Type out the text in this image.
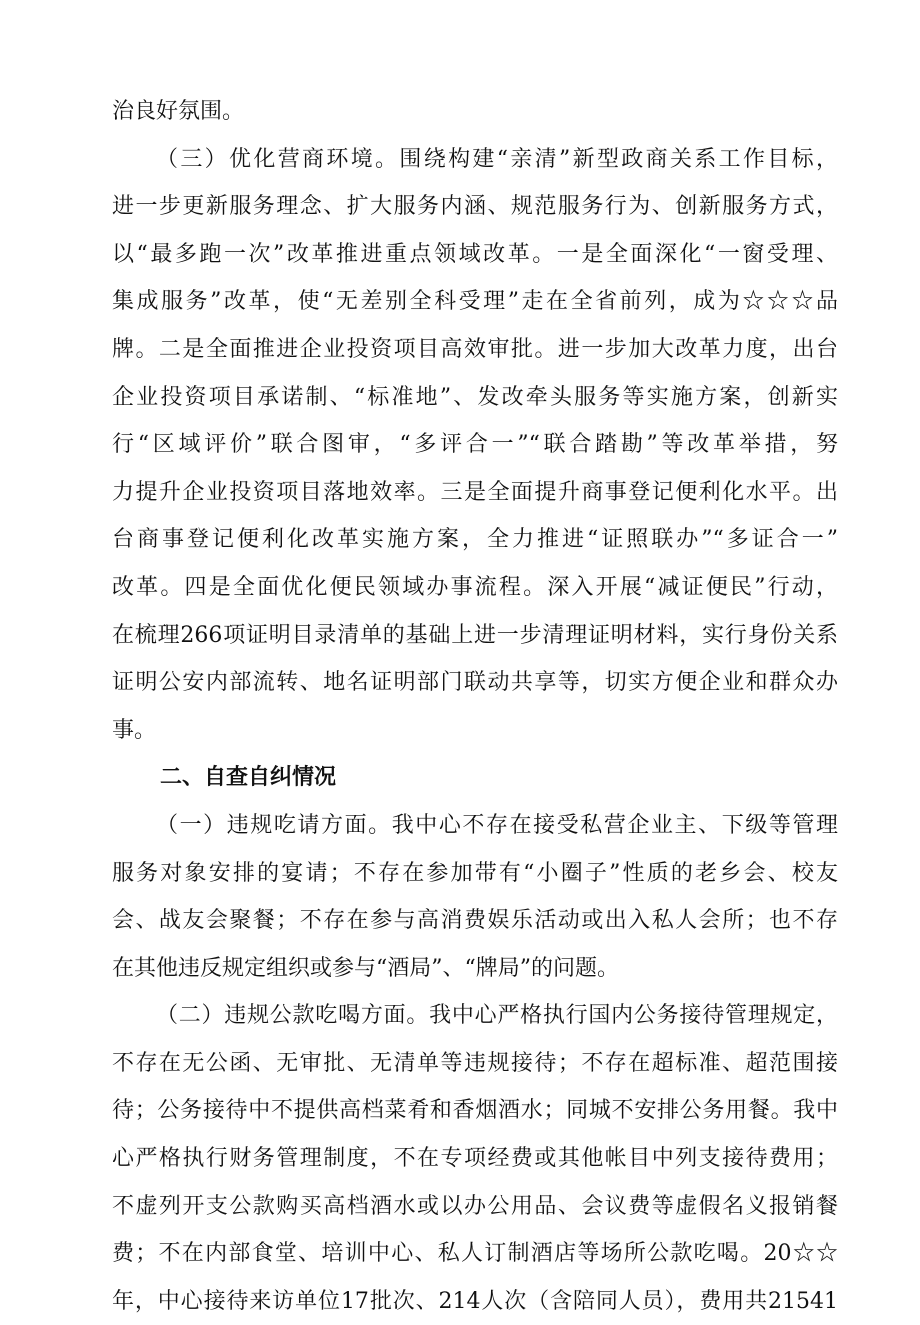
治良好氛围。
（三）优化营商环境。围绕构建“亲清”新型政商关系工作目标，
进一步更新服务理念、扩大服务内涵、规范服务行为、创新服务方式，
以“最多跑一次”改革推进重点领域改革。一是全面深化“一窗受理、
集成服务”改革，使“无差别全科受理”走在全省前列，成为☆☆☆品
牌。二是全面推进企业投资项目高效审批。进一步加大改革力度，出台
企业投资项目承诺制、“标准地”、发改牵头服务等实施方案，创新实
行“区域评价”联合图审，“多评合一”“联合踏勘”等改革举措，努
力提升企业投资项目落地效率。三是全面提升商事登记便利化水平。出
台商事登记便利化改革实施方案，全力推进“证照联办”“多证合一”
改革。四是全面优化便民领域办事流程。深入开展“减证便民”行动，
在梳理266项证明目录清单的基础上进一步清理证明材料，实行身份关系
证明公安内部流转、地名证明部门联动共享等，切实方便企业和群众办
事。
二、自查自纠情况
（一）违规吃请方面。我中心不存在接受私营企业主、下级等管理
服务对象安排的宴请；不存在参加带有“小圈子”性质的老乡会、校友
会、战友会聚餐；不存在参与高消费娱乐活动或出入私人会所；也不存
在其他违反规定组织或参与“酒局”、“牌局”的问题。
（二）违规公款吃喝方面。我中心严格执行国内公务接待管理规定，
不存在无公函、无审批、无清单等违规接待；不存在超标准、超范围接
待；公务接待中不提供高档菜肴和香烟酒水；同城不安排公务用餐。我中
心严格执行财务管理制度，不在专项经费或其他帐目中列支接待费用；
不虚列开支公款购买高档酒水或以办公用品、会议费等虚假名义报销餐
费；不在内部食堂、培训中心、私人订制酒店等场所公款吃喝。20☆☆
年，中心接待来访单位17批次、214人次（含陪同人员），费用共21541
